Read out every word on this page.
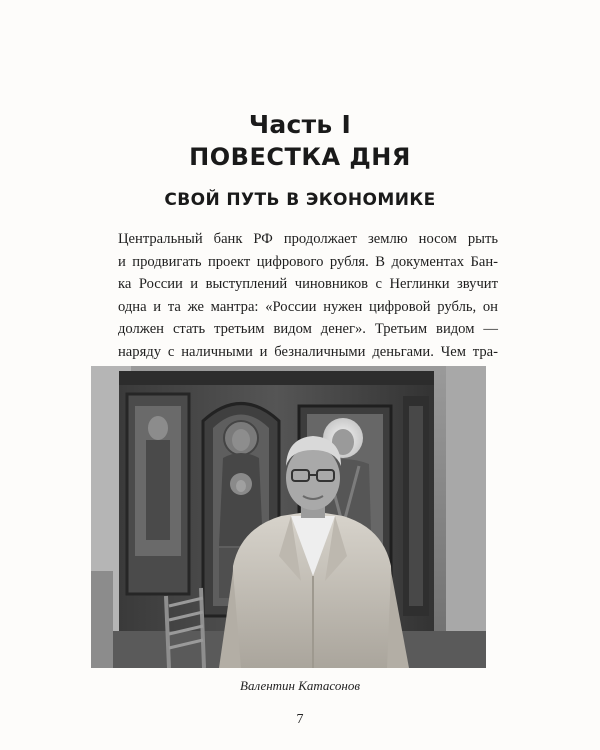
Часть I
ПОВЕСТКА ДНЯ
СВОЙ ПУТЬ В ЭКОНОМИКЕ
Центральный банк РФ продолжает землю носом рыть
и продвигать проект цифрового рубля. В документах Бан-
ка России и выступлений чиновников с Неглинки звучит
одна и та же мантра: «России нужен цифровой рубль, он
должен стать третьим видом денег». Третьим видом —
наряду с наличными и безналичными деньгами. Чем тра-
Валентин Катасонов
7
